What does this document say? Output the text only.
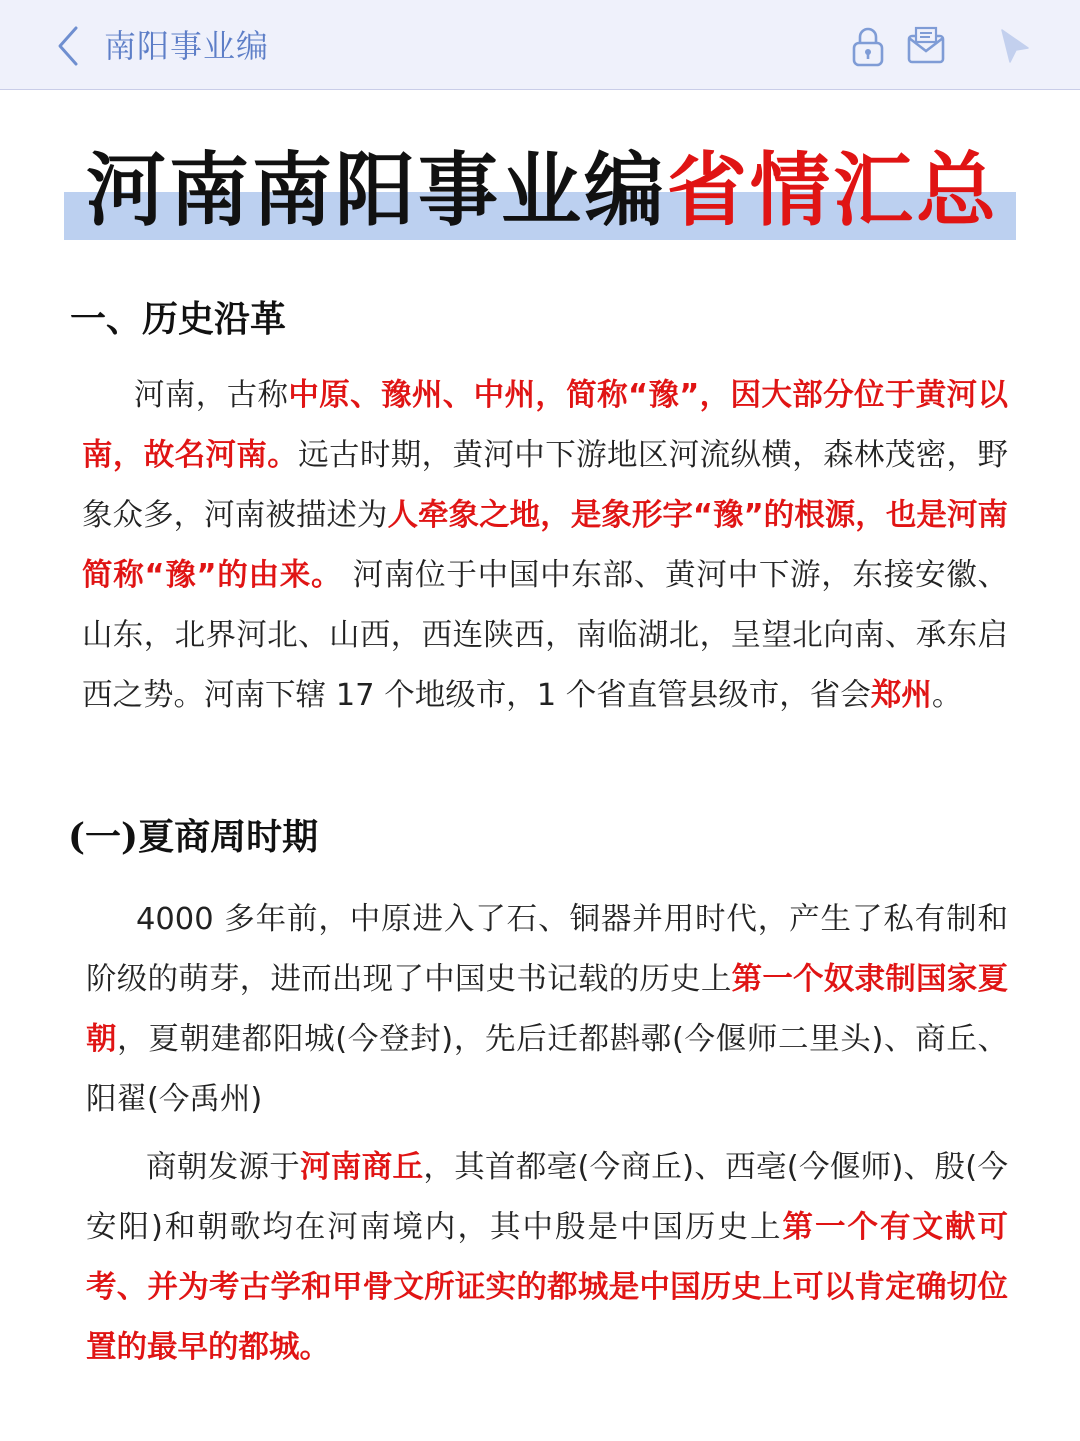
南阳事业编
河南南阳事业编省情汇总
一、历史沿革
河南，古称中原、豫州、中州，简称“豫”，因大部分位于黄河以南，故名河南。远古时期，黄河中下游地区河流纵横，森林茂密，野象众多，河南被描述为人牵象之地，是象形字“豫”的根源，也是河南简称“豫”的由来。 河南位于中国中东部、黄河中下游，东接安徽、山东，北界河北、山西，西连陕西，南临湖北，呈望北向南、承东启西之势。河南下辖 17 个地级市，1 个省直管县级市，省会郑州。
(一)夏商周时期
4000 多年前，中原进入了石、铜器并用时代，产生了私有制和阶级的萌芽，进而出现了中国史书记载的历史上第一个奴隶制国家夏朝，夏朝建都阳城(今登封)，先后迁都斟鄩(今偃师二里头)、商丘、阳翟(今禹州)
商朝发源于河南商丘，其首都亳(今商丘)、西亳(今偃师)、殷(今安阳)和朝歌均在河南境内，其中殷是中国历史上第一个有文献可考、并为考古学和甲骨文所证实的都城是中国历史上可以肯定确切位置的最早的都城。
